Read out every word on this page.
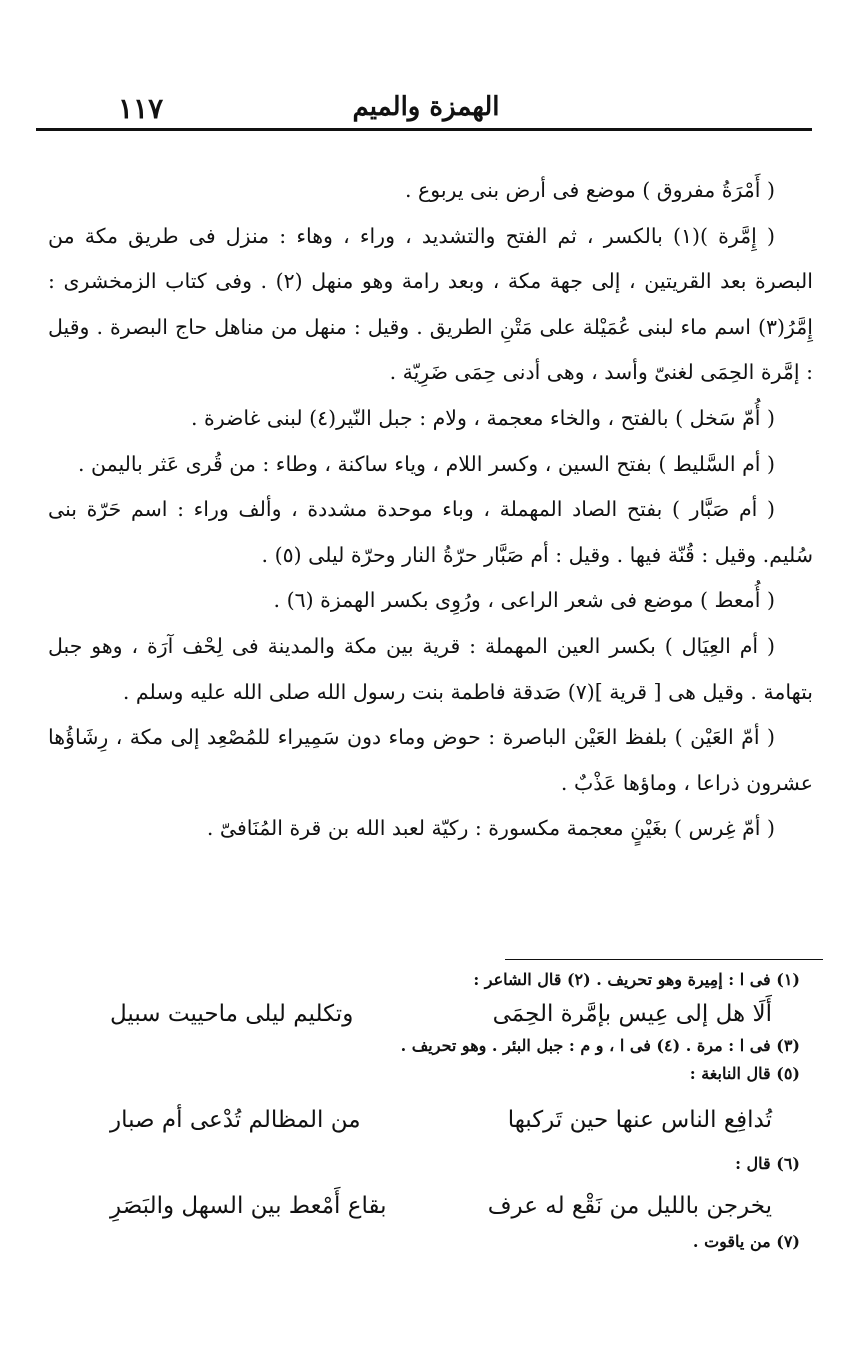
١١٧	الهمزة والميم

( أَمْرَةُ مفروق ) موضع فى أرض بنى يربوع .

( إِمَّرة )(١) بالكسر ، ثم الفتح والتشديد ، وراء ، وهاء : منزل فى طريق مكة من البصرة بعد القريتين ، إلى جهة مكة ، وبعد رامة وهو منهل (٢) . وفى كتاب الزمخشرى : إِمَّرُ(٣) اسم ماء لبنى عُمَيْلة على مَتْنِ الطريق . وقيل : منهل من مناهل حاج البصرة . وقيل : إمَّرة الحِمَى لغنىّ وأسد ، وهى أدنى حِمَى ضَرِيّة .

( أُمّ سَخل ) بالفتح ، والخاء معجمة ، ولام : جبل النّير(٤) لبنى غاضرة .

( أم السَّليط ) بفتح السين ، وكسر اللام ، وياء ساكنة ، وطاء : من قُرى عَثر باليمن .

( أم صَبَّار ) بفتح الصاد المهملة ، وباء موحدة مشددة ، وألف وراء : اسم حَرّة بنى سُليم. وقيل : قُنّة فيها . وقيل : أم صَبَّار حرّةُ النار وحرّة ليلى (٥) .

( أُمعط ) موضع فى شعر الراعى ، ورُوِى بكسر الهمزة (٦) .

( أم العِيَال ) بكسر العين المهملة : قرية بين مكة والمدينة فى لِحْف آرَة ، وهو جبل بتهامة . وقيل هى [ قرية ](٧) صَدقة فاطمة بنت رسول الله صلى الله عليه وسلم .

( أمّ العَيْن ) بلفظ العَيْن الباصرة : حوض وماء دون سَمِيراء للمُصْعِد إلى مكة ، رِشَاؤُها عشرون ذراعا ، وماؤها عَذْبٌ .

( أمّ غِرس ) بغَيْنٍ معجمة مكسورة : ركيّة لعبد الله بن قرة المُنَافىّ .

(١) فى ا : إمِيرة وهو تحريف . (٢) قال الشاعر :

أَلَا هل إلى عِيس بإمَّرة الحِمَى
وتكليم ليلى ماحييت سبيل

(٣) فى ا : مرة . (٤) فى ا ، و م : جبل البئر . وهو تحريف .

(٥) قال النابغة :

تُدافِع الناس عنها حين تَركبها
من المظالم تُدْعى أم صبار

(٦) قال :

يخرجن بالليل من نَقْع له عرف
بقاع أَمْعط بين السهل والبَصَرِ

(٧) من ياقوت .
